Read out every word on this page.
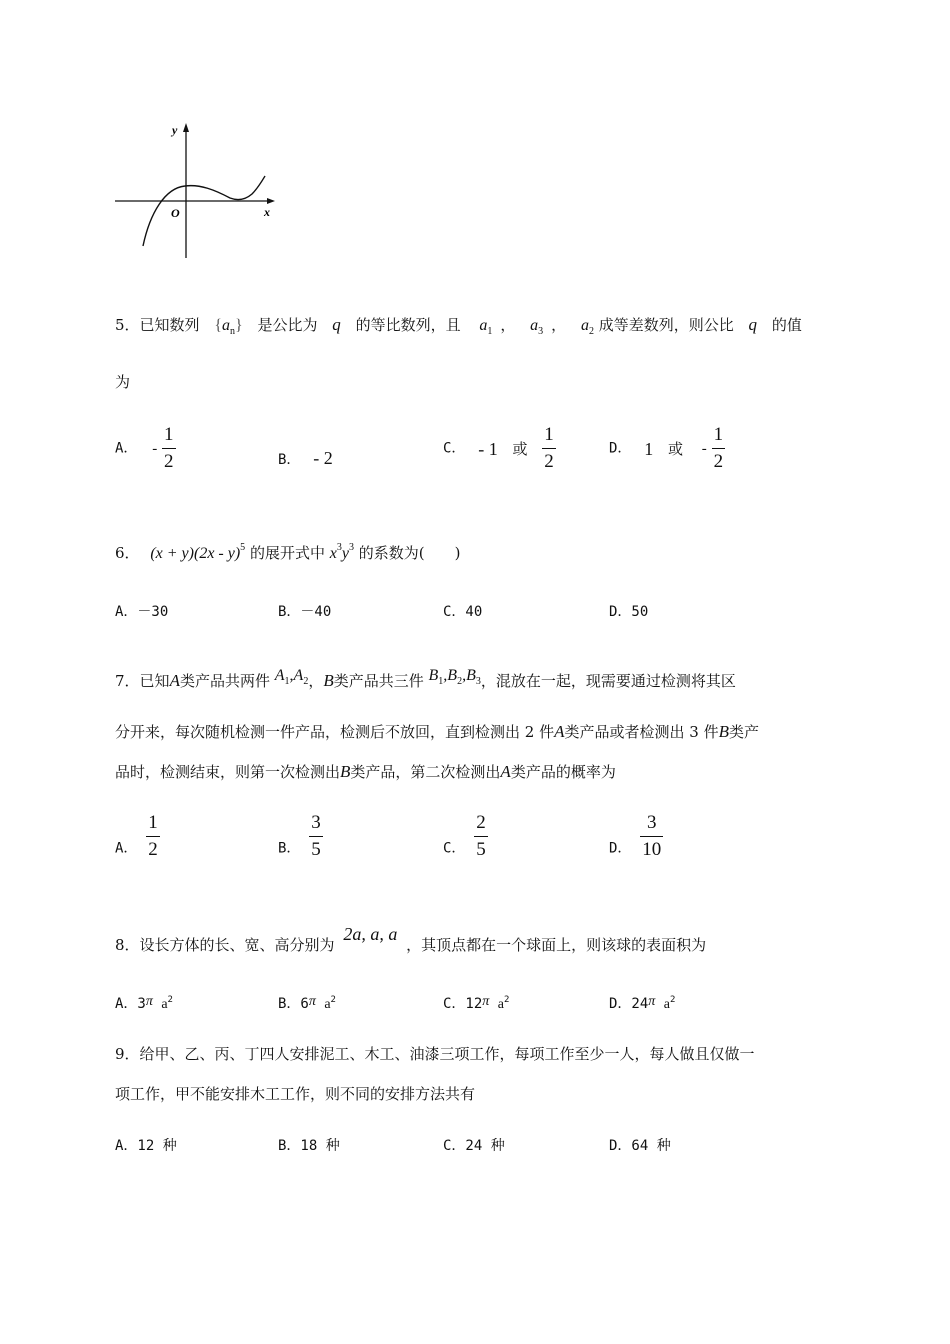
y
x
O
5．已知数列 $\{a_n\}$ 是公比为 q 的等比数列，且 $a_1$ ， $a_3$ ， $a_2$ 成等差数列，则公比 q 的值
为
A． - $\frac{1}{2}$	B． - 2	C． - 1 或 $\frac{1}{2}$	D． 1 或 - $\frac{1}{2}$
6． (x + y)(2x - y)$^5$ 的展开式中 $x^3y^3$ 的系数为(　　)
A．－30	B．－40	C．40	D．50
7．已知A类产品共两件 $A_1,A_2$，B类产品共三件 $B_1,B_2,B_3$，混放在一起，现需要通过检测将其区
分开来，每次随机检测一件产品，检测后不放回，直到检测出 2 件A类产品或者检测出 3 件B类产
品时，检测结束，则第一次检测出B类产品，第二次检测出A类产品的概率为
A． $\frac{1}{2}$	B． $\frac{3}{5}$	C． $\frac{2}{5}$	D． $\frac{3}{10}$
8．设长方体的长、宽、高分别为 2a, a, a ，其顶点都在一个球面上，则该球的表面积为
A．3π $a^2$	B．6π $a^2$	C．12π $a^2$	D．24π $a^2$
9．给甲、乙、丙、丁四人安排泥工、木工、油漆三项工作，每项工作至少一人，每人做且仅做一
项工作，甲不能安排木工工作，则不同的安排方法共有
A．12 种	B．18 种	C．24 种	D．64 种
